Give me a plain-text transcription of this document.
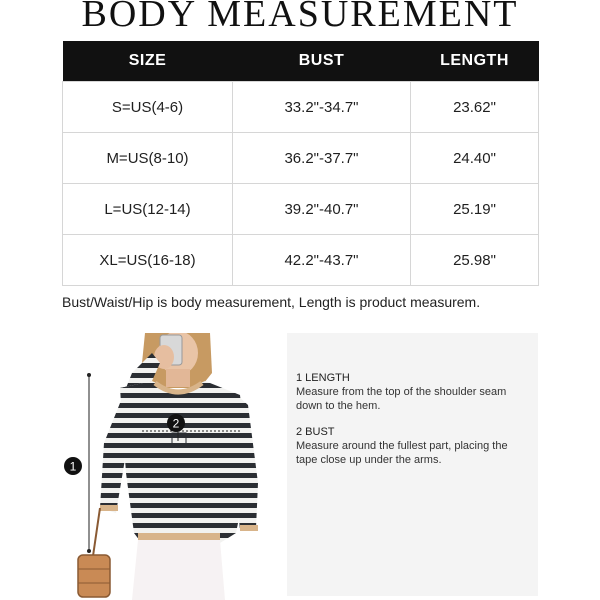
BODY MEASUREMENT
SIZE	BUST	LENGTH
S=US(4-6)	33.2"-34.7"	23.62"
M=US(8-10)	36.2"-37.7"	24.40"
L=US(12-14)	39.2"-40.7"	25.19"
XL=US(16-18)	42.2"-43.7"	25.98"
Bust/Waist/Hip is body measurement, Length is product measurem.
1
2
1 LENGTH
Measure from the top of the shoulder seam down to the hem.
2 BUST
Measure around the fullest part, placing the tape close up under the arms.
